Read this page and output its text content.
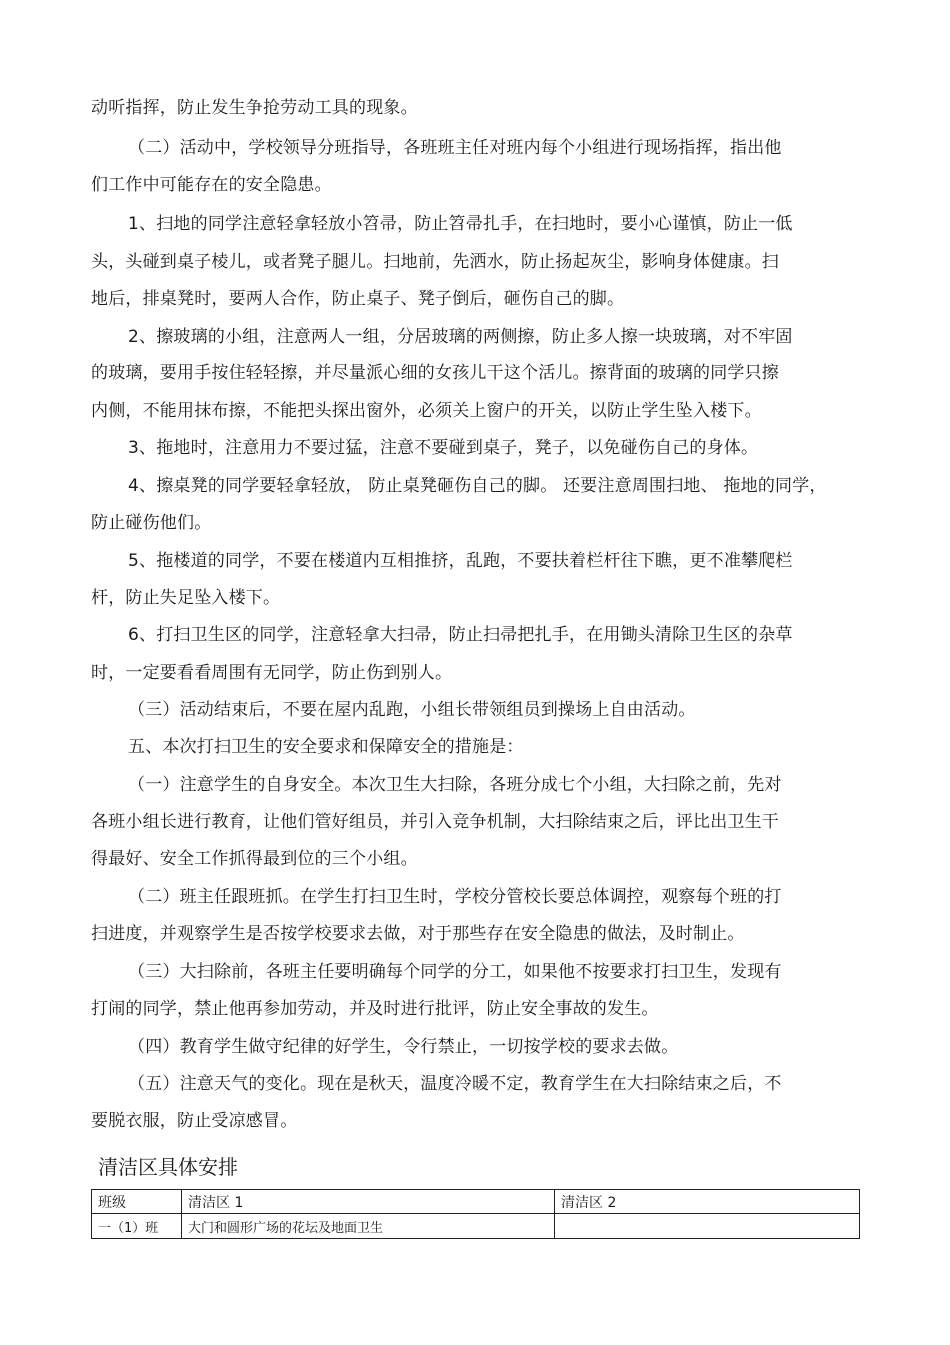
动听指挥，防止发生争抢劳动工具的现象。
（二）活动中，学校领导分班指导，各班班主任对班内每个小组进行现场指挥，指出他
们工作中可能存在的安全隐患。
1、扫地的同学注意轻拿轻放小笤帚，防止笤帚扎手，在扫地时，要小心谨慎，防止一低
头，头碰到桌子棱儿，或者凳子腿儿。扫地前，先洒水，防止扬起灰尘，影响身体健康。扫
地后，排桌凳时，要两人合作，防止桌子、凳子倒后，砸伤自己的脚。
2、擦玻璃的小组，注意两人一组，分居玻璃的两侧擦，防止多人擦一块玻璃，对不牢固
的玻璃，要用手按住轻轻擦，并尽量派心细的女孩儿干这个活儿。擦背面的玻璃的同学只擦
内侧，不能用抹布擦，不能把头探出窗外，必须关上窗户的开关，以防止学生坠入楼下。
3、拖地时，注意用力不要过猛，注意不要碰到桌子，凳子，以免碰伤自己的身体。
4、擦桌凳的同学要轻拿轻放， 防止桌凳砸伤自己的脚。 还要注意周围扫地、 拖地的同学，
防止碰伤他们。
5、拖楼道的同学，不要在楼道内互相推挤，乱跑，不要扶着栏杆往下瞧，更不准攀爬栏
杆，防止失足坠入楼下。
6、打扫卫生区的同学，注意轻拿大扫帚，防止扫帚把扎手，在用锄头清除卫生区的杂草
时，一定要看看周围有无同学，防止伤到别人。
（三）活动结束后，不要在屋内乱跑，小组长带领组员到操场上自由活动。
五、本次打扫卫生的安全要求和保障安全的措施是：
（一）注意学生的自身安全。本次卫生大扫除，各班分成七个小组，大扫除之前，先对
各班小组长进行教育，让他们管好组员，并引入竞争机制，大扫除结束之后，评比出卫生干
得最好、安全工作抓得最到位的三个小组。
（二）班主任跟班抓。在学生打扫卫生时，学校分管校长要总体调控，观察每个班的打
扫进度，并观察学生是否按学校要求去做，对于那些存在安全隐患的做法，及时制止。
（三）大扫除前，各班主任要明确每个同学的分工，如果他不按要求打扫卫生，发现有
打闹的同学，禁止他再参加劳动，并及时进行批评，防止安全事故的发生。
（四）教育学生做守纪律的好学生，令行禁止，一切按学校的要求去做。
（五）注意天气的变化。现在是秋天，温度冷暖不定，教育学生在大扫除结束之后，不
要脱衣服，防止受凉感冒。
清洁区具体安排
班级	清洁区 1	清洁区 2
一（1）班	大门和圆形广场的花坛及地面卫生	
